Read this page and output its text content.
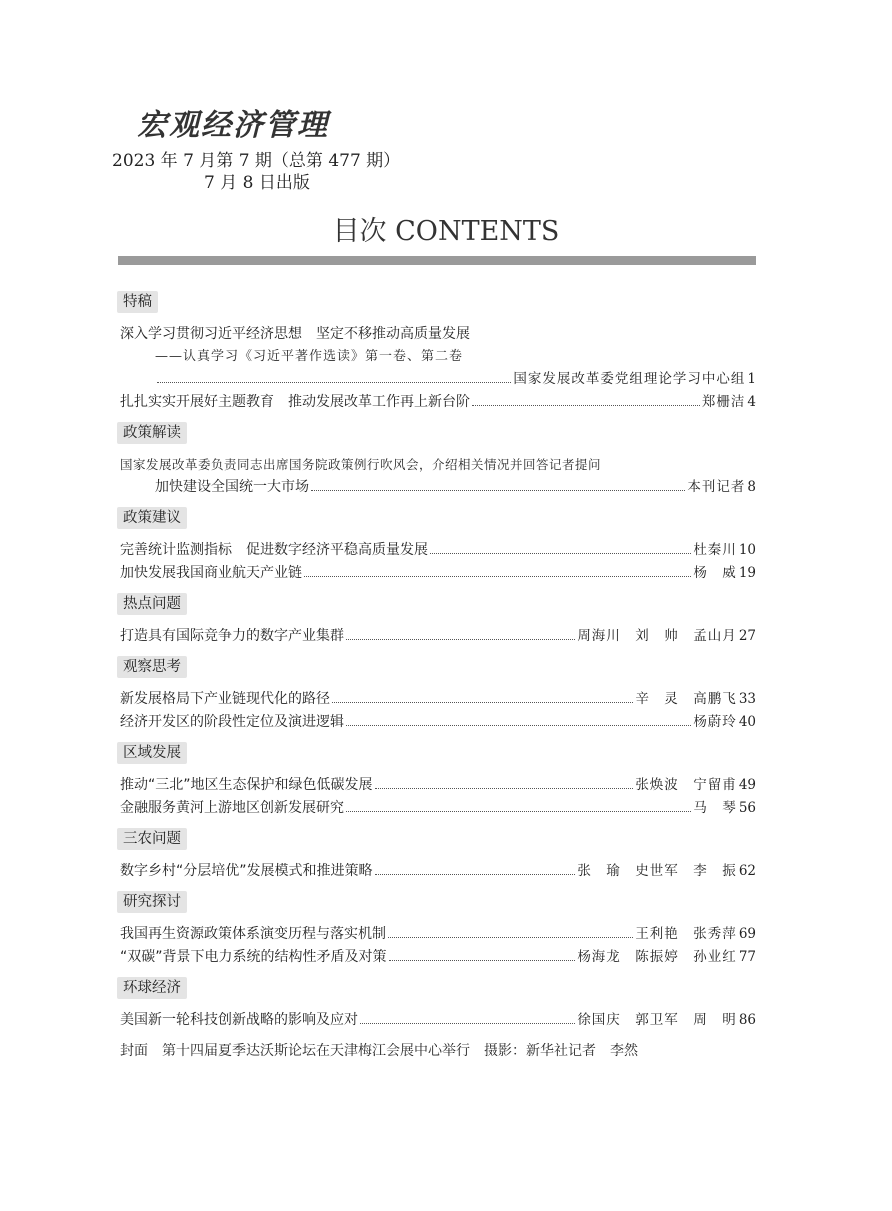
宏观经济管理
2023 年 7 月第 7 期（总第 477 期）
7 月 8 日出版
目次 CONTENTS
特稿
深入学习贯彻习近平经济思想　坚定不移推动高质量发展
——认真学习《习近平著作选读》第一卷、第二卷
国家发展改革委党组理论学习中心组 1
扎扎实实开展好主题教育　推动发展改革工作再上新台阶	郑栅洁 4
政策解读
国家发展改革委负责同志出席国务院政策例行吹风会，介绍相关情况并回答记者提问
加快建设全国统一大市场	本刊记者 8
政策建议
完善统计监测指标　促进数字经济平稳高质量发展	杜秦川 10
加快发展我国商业航天产业链	杨　威 19
热点问题
打造具有国际竞争力的数字产业集群	周海川　刘　帅　孟山月 27
观察思考
新发展格局下产业链现代化的路径	辛　灵　高鹏飞 33
经济开发区的阶段性定位及演进逻辑	杨蔚玲 40
区域发展
推动“三北”地区生态保护和绿色低碳发展	张焕波　宁留甫 49
金融服务黄河上游地区创新发展研究	马　琴 56
三农问题
数字乡村“分层培优”发展模式和推进策略	张　瑜　史世军　李　振 62
研究探讨
我国再生资源政策体系演变历程与落实机制	王利艳　张秀萍 69
“双碳”背景下电力系统的结构性矛盾及对策	杨海龙　陈振婷　孙业红 77
环球经济
美国新一轮科技创新战略的影响及应对	徐国庆　郭卫军　周　明 86
封面　第十四届夏季达沃斯论坛在天津梅江会展中心举行　摄影：新华社记者　李然
